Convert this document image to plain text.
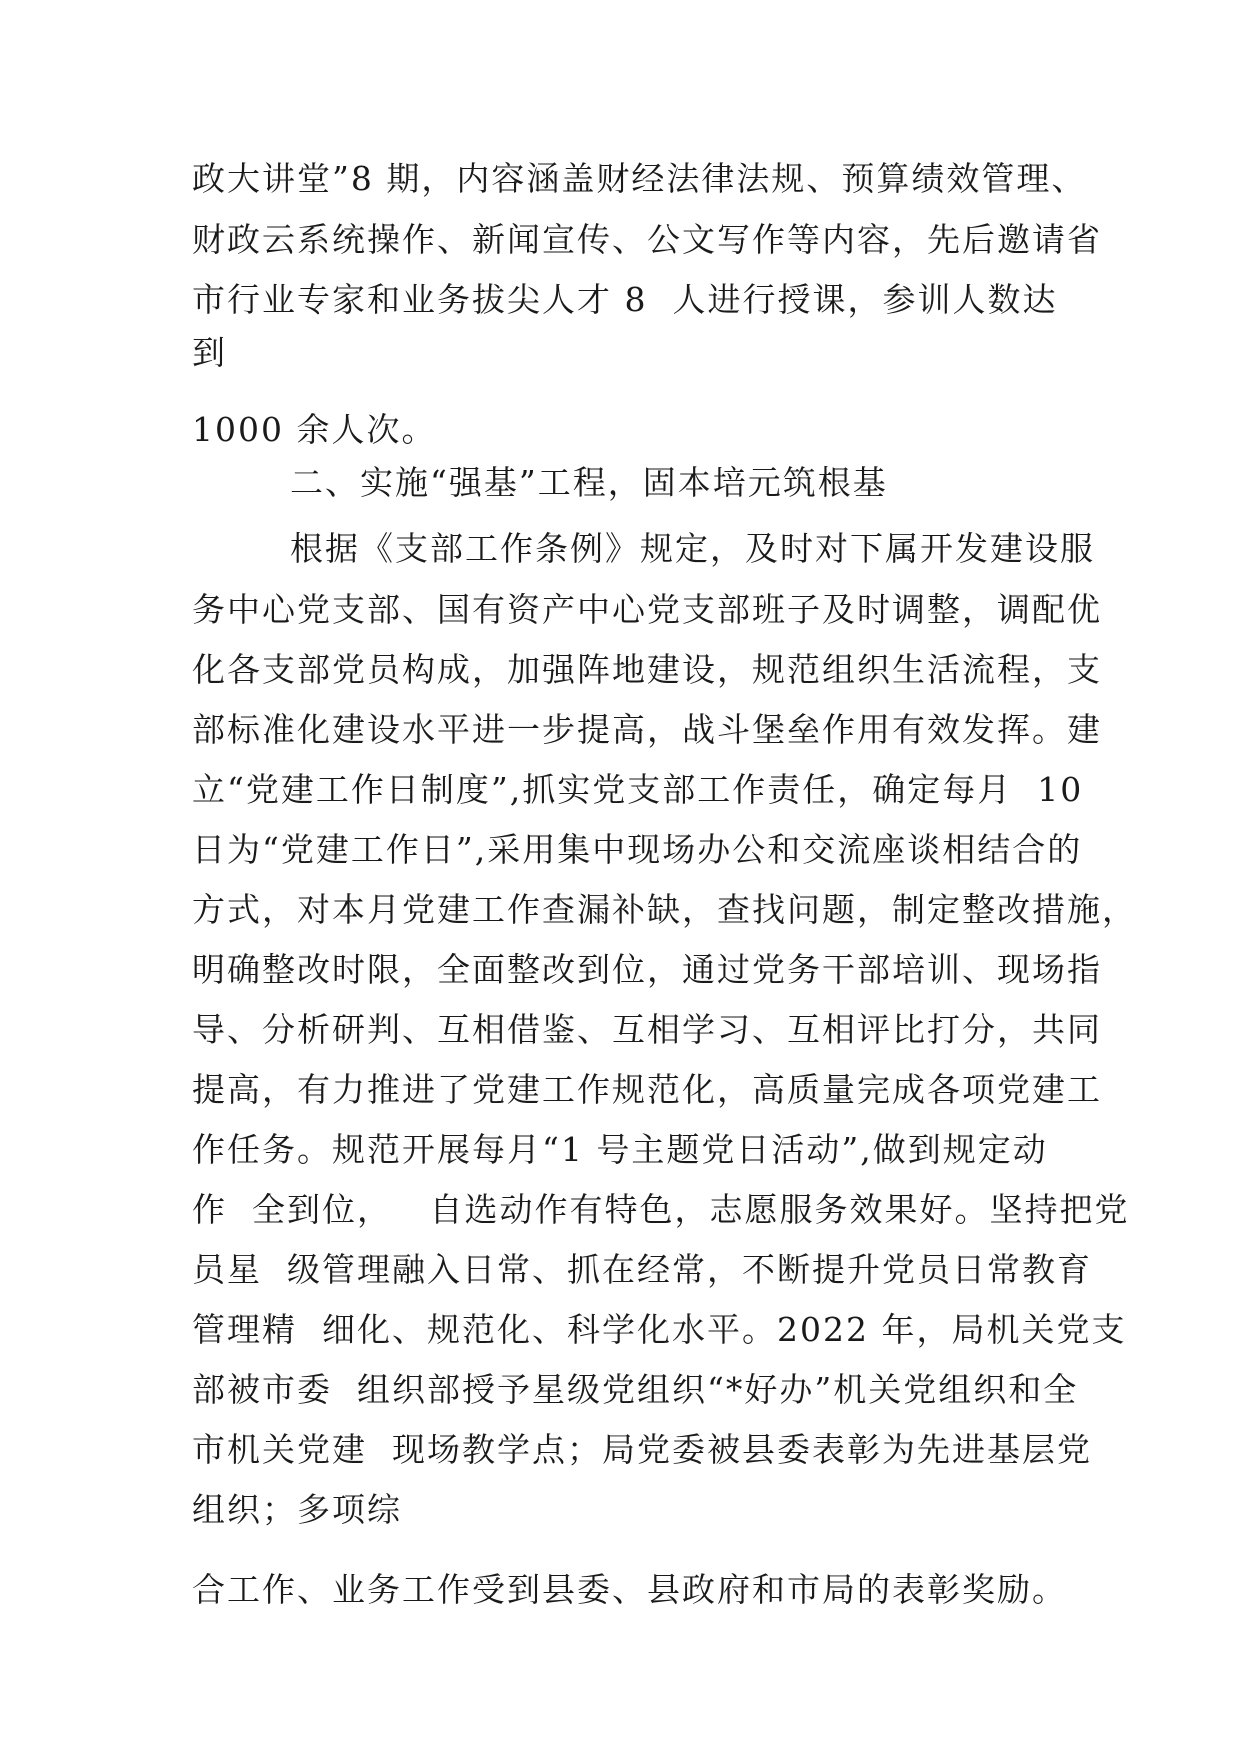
政大讲堂”8 期，内容涵盖财经法律法规、预算绩效管理、

财政云系统操作、新闻宣传、公文写作等内容，先后邀请省

市行业专家和业务拔尖人才 8  人进行授课，参训人数达

到

1000 余人次。

二、实施“强基”工程，固本培元筑根基

根据《支部工作条例》规定，及时对下属开发建设服

务中心党支部、国有资产中心党支部班子及时调整，调配优

化各支部党员构成，加强阵地建设，规范组织生活流程，支

部标准化建设水平进一步提高，战斗堡垒作用有效发挥。建

立“党建工作日制度”,抓实党支部工作责任，确定每月  10

日为“党建工作日”,采用集中现场办公和交流座谈相结合的

方式，对本月党建工作查漏补缺，查找问题，制定整改措施，

明确整改时限，全面整改到位，通过党务干部培训、现场指

导、分析研判、互相借鉴、互相学习、互相评比打分，共同

提高，有力推进了党建工作规范化，高质量完成各项党建工

作任务。规范开展每月“1 号主题党日活动”,做到规定动

作  全到位，   自选动作有特色，志愿服务效果好。坚持把党

员星  级管理融入日常、抓在经常，不断提升党员日常教育

管理精  细化、规范化、科学化水平。2022 年，局机关党支

部被市委  组织部授予星级党组织“*好办”机关党组织和全

市机关党建  现场教学点；局党委被县委表彰为先进基层党

组织；多项综

合工作、业务工作受到县委、县政府和市局的表彰奖励。
